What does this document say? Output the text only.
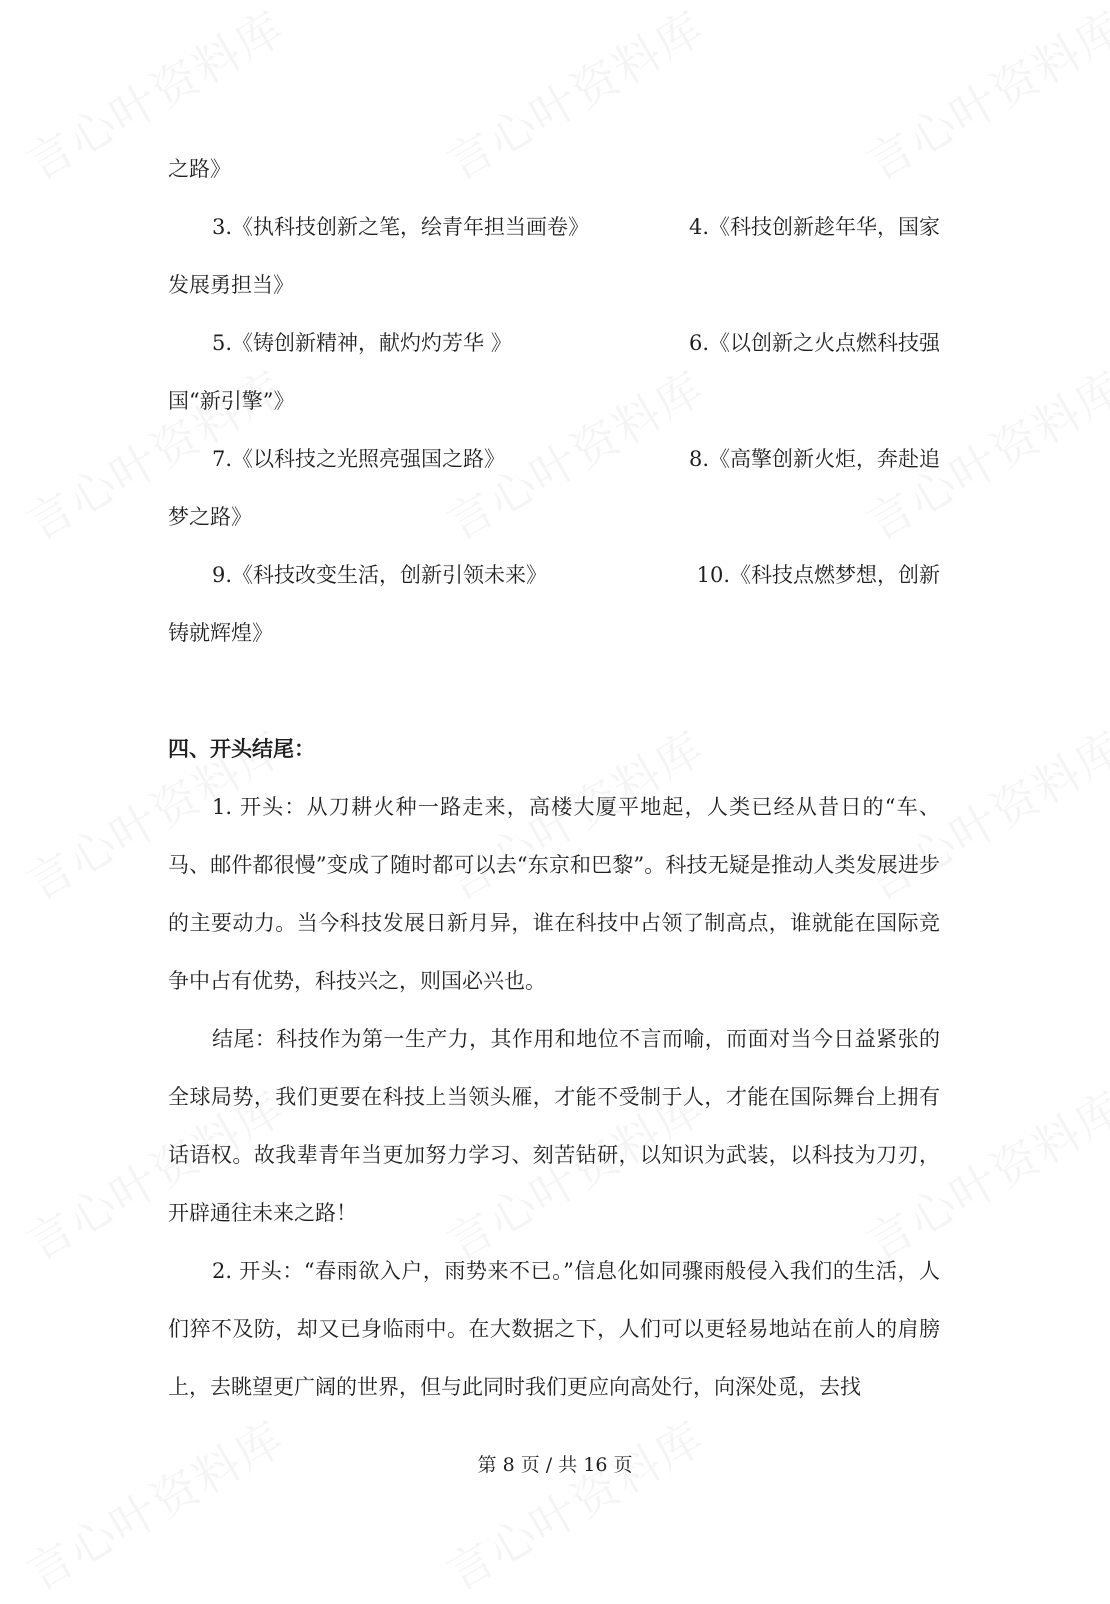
之路》
3.《执科技创新之笔，绘青年担当画卷》	4.《科技创新趁年华，国家
发展勇担当》
5.《铸创新精神，献灼灼芳华 》	6.《以创新之火点燃科技强
国“新引擎”》
7.《以科技之光照亮强国之路》	8.《高擎创新火炬，奔赴追
梦之路》
9.《科技改变生活，创新引领未来》	10.《科技点燃梦想，创新
铸就辉煌》
四、开头结尾：

1. 开头：从刀耕火种一路走来，高楼大厦平地起，人类已经从昔日的“车、马、邮件都很慢”变成了随时都可以去“东京和巴黎”。科技无疑是推动人类发展进步的主要动力。当今科技发展日新月异，谁在科技中占领了制高点，谁就能在国际竞争中占有优势，科技兴之，则国必兴也。

结尾：科技作为第一生产力，其作用和地位不言而喻，而面对当今日益紧张的全球局势，我们更要在科技上当领头雁，才能不受制于人，才能在国际舞台上拥有话语权。故我辈青年当更加努力学习、刻苦钻研，以知识为武装，以科技为刀刃，开辟通往未来之路！

2. 开头：“春雨欲入户，雨势来不已。”信息化如同骤雨般侵入我们的生活，人们猝不及防，却又已身临雨中。在大数据之下，人们可以更轻易地站在前人的肩膀上，去眺望更广阔的世界，但与此同时我们更应向高处行，向深处觅，去找

第 8 页 / 共 16 页
